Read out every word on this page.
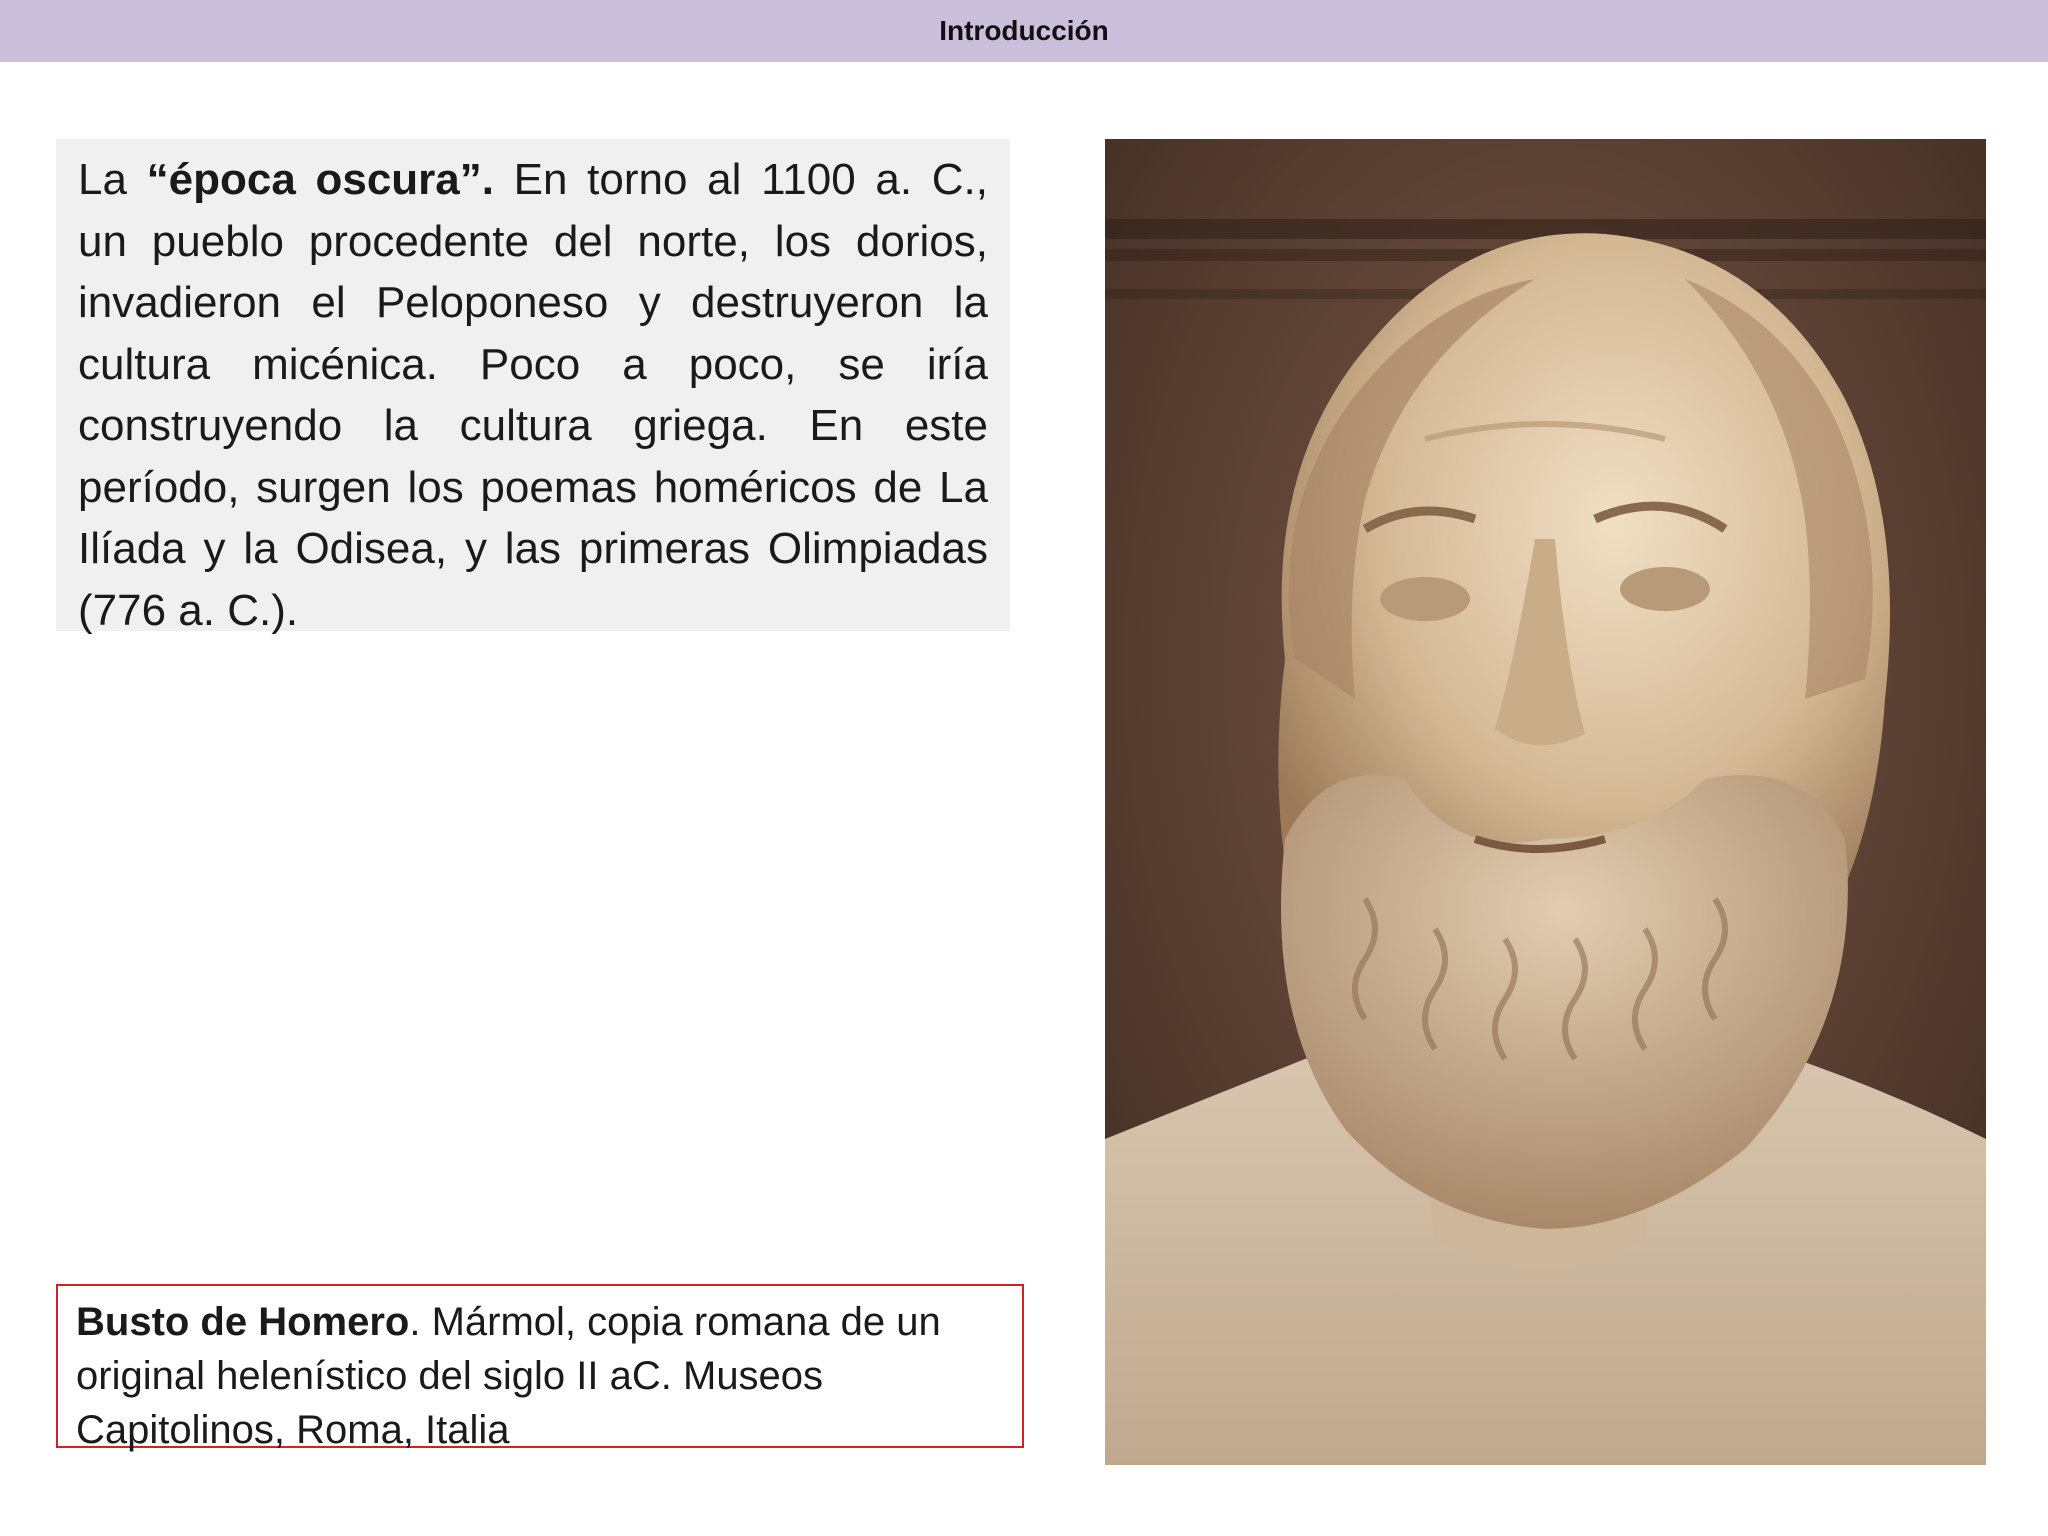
Introducción

La “época oscura”. En torno al 1100 a. C., un pueblo procedente del norte, los dorios, invadieron el Peloponeso y destruyeron la cultura micénica. Poco a poco, se iría construyendo la cultura griega. En este período, surgen los poemas homéricos de La Ilíada y la Odisea, y las primeras Olimpiadas (776 a. C.).

Busto de Homero. Mármol, copia romana de un original helenístico del siglo II aC. Museos Capitolinos, Roma, Italia
